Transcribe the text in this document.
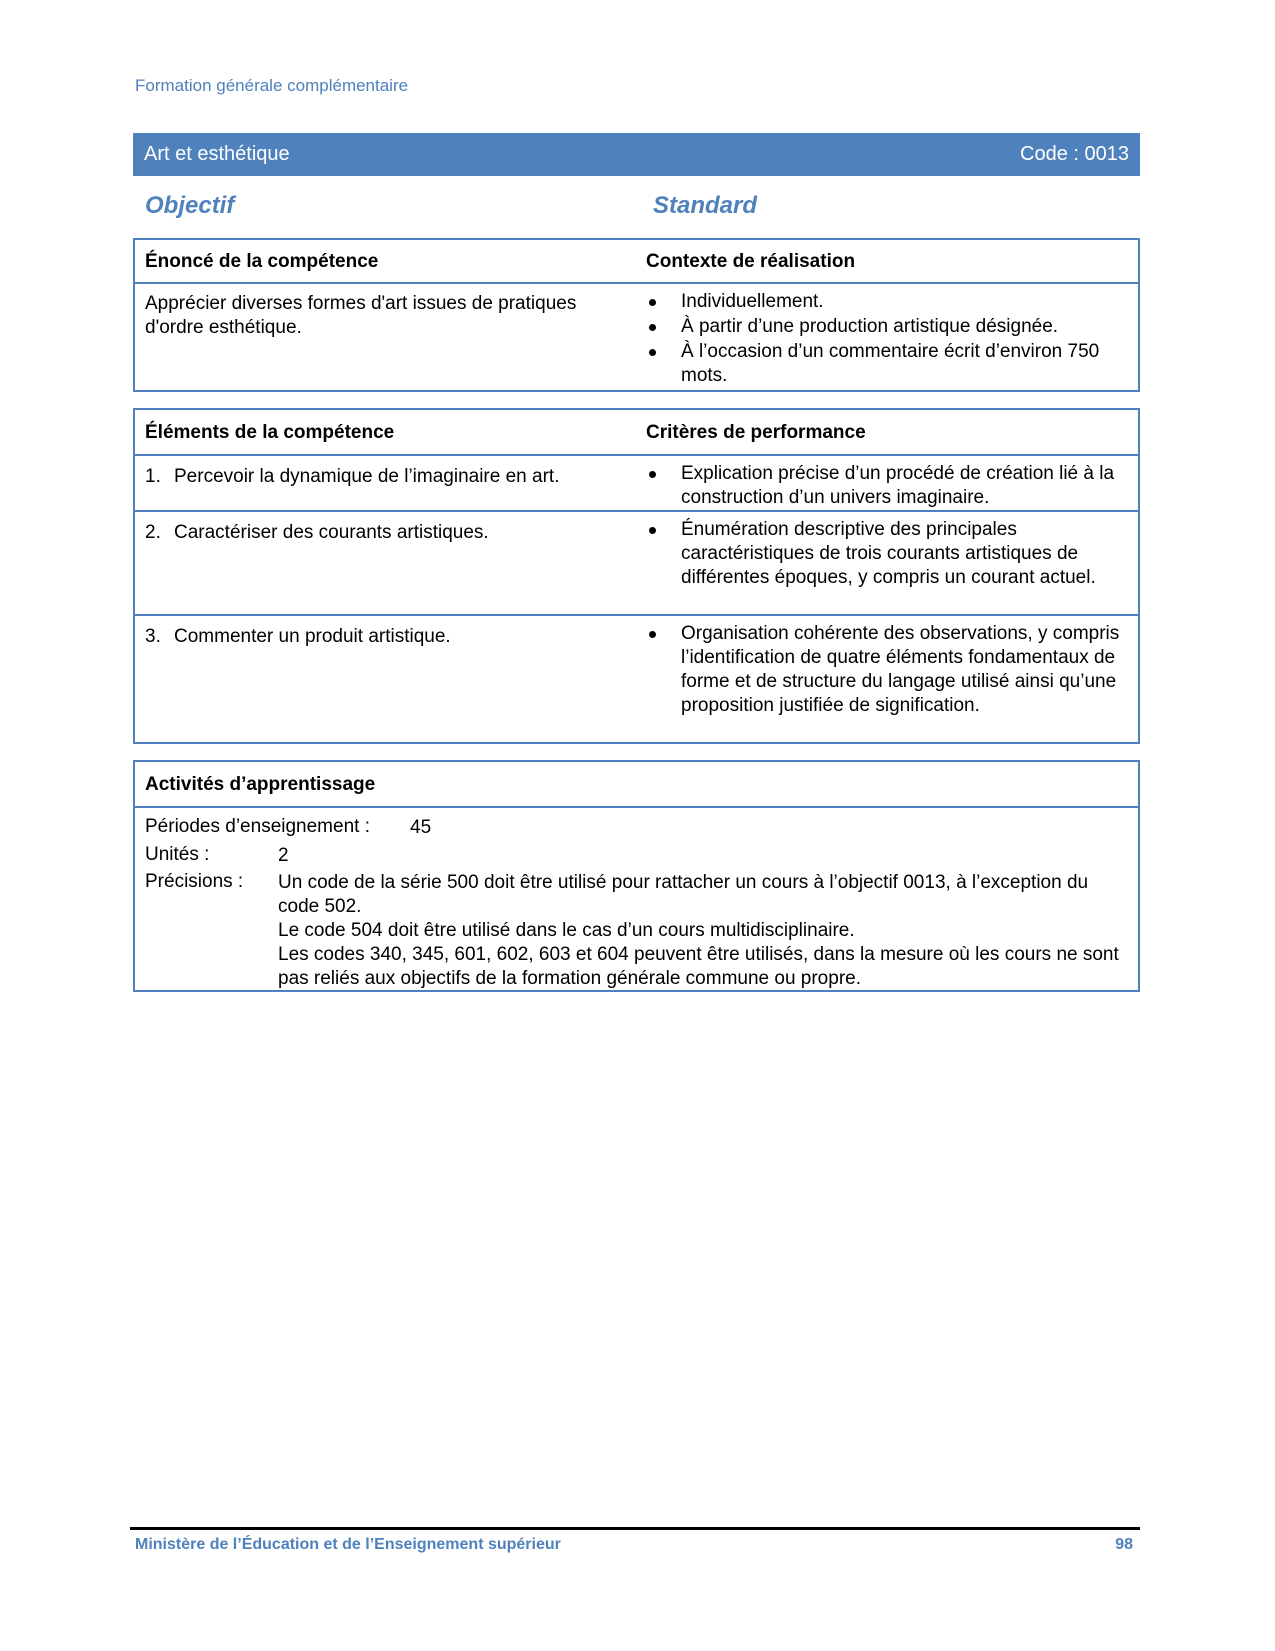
Formation générale complémentaire
Art et esthétique	Code : 0013
Objectif	Standard
Énoncé de la compétence	Contexte de réalisation
Apprécier diverses formes d'art issues de pratiques d'ordre esthétique.
Individuellement.
À partir d’une production artistique désignée.
À l’occasion d’un commentaire écrit d’environ 750 mots.
Éléments de la compétence	Critères de performance
1. Percevoir la dynamique de l’imaginaire en art.	Explication précise d’un procédé de création lié à la construction d’un univers imaginaire.
2. Caractériser des courants artistiques.	Énumération descriptive des principales caractéristiques de trois courants artistiques de différentes époques, y compris un courant actuel.
3. Commenter un produit artistique.	Organisation cohérente des observations, y compris l’identification de quatre éléments fondamentaux de forme et de structure du langage utilisé ainsi qu’une proposition justifiée de signification.
Activités d’apprentissage
Périodes d’enseignement : 45
Unités :	2
Précisions : Un code de la série 500 doit être utilisé pour rattacher un cours à l’objectif 0013, à l’exception du code 502.
Le code 504 doit être utilisé dans le cas d’un cours multidisciplinaire.
Les codes 340, 345, 601, 602, 603 et 604 peuvent être utilisés, dans la mesure où les cours ne sont pas reliés aux objectifs de la formation générale commune ou propre.
Ministère de l’Éducation et de l’Enseignement supérieur	98
